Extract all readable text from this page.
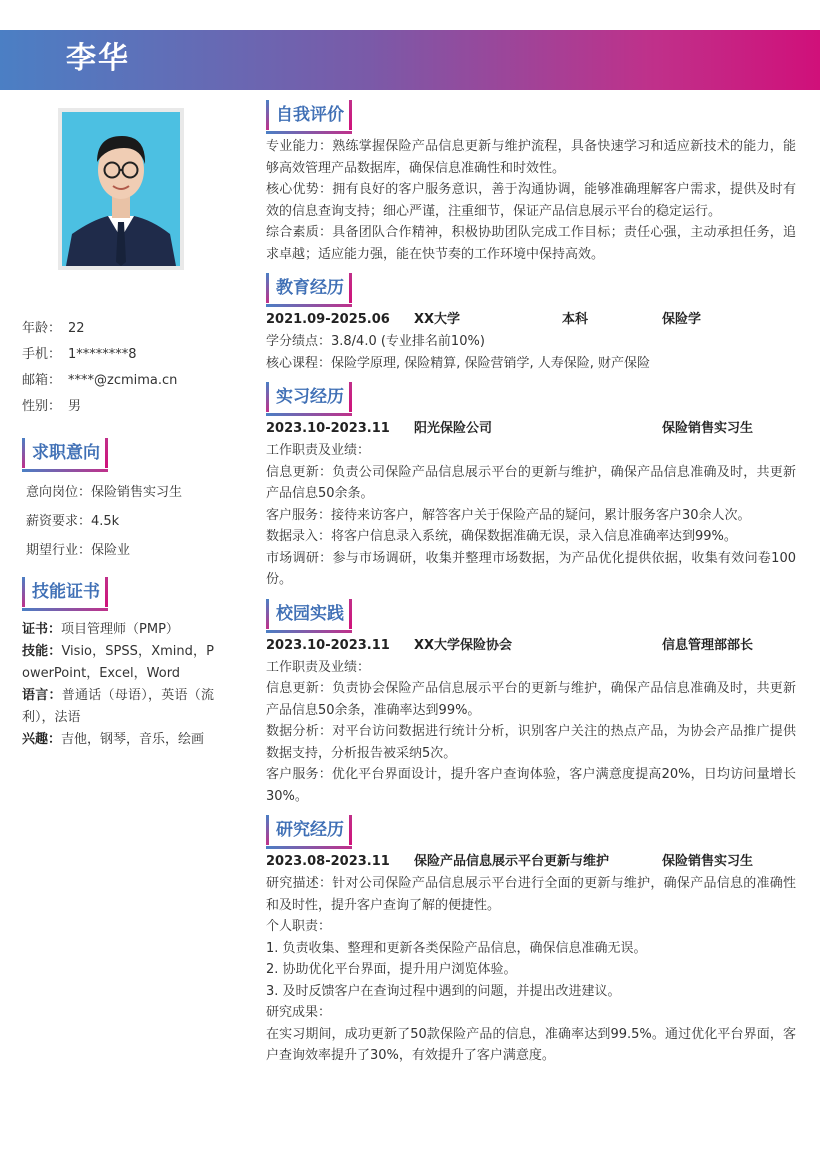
李华
年龄： 22
手机： 1********8
邮箱： ****@zcmima.cn
性别： 男
求职意向
意向岗位：保险销售实习生
薪资要求：4.5k
期望行业：保险业
技能证书

证书：项目管理师（PMP）

技能：Visio，SPSS，Xmind，PowerPoint，Excel，Word

语言：普通话（母语），英语（流利），法语

兴趣：吉他，钢琴，音乐，绘画

自我评价

专业能力：熟练掌握保险产品信息更新与维护流程，具备快速学习和适应新技术的能力，能够高效管理产品数据库，确保信息准确性和时效性。

核心优势：拥有良好的客户服务意识，善于沟通协调，能够准确理解客户需求，提供及时有效的信息查询支持；细心严谨，注重细节，保证产品信息展示平台的稳定运行。

综合素质：具备团队合作精神，积极协助团队完成工作目标；责任心强，主动承担任务，追求卓越；适应能力强，能在快节奏的工作环境中保持高效。

教育经历
2021.09-2025.06 XX大学	本科	保险学

学分绩点：3.8/4.0 (专业排名前10%)

核心课程：保险学原理, 保险精算, 保险营销学, 人寿保险, 财产保险

实习经历
2023.10-2023.11 阳光保险公司	保险销售实习生

工作职责及业绩：

信息更新：负责公司保险产品信息展示平台的更新与维护，确保产品信息准确及时，共更新产品信息50余条。

客户服务：接待来访客户，解答客户关于保险产品的疑问，累计服务客户30余人次。

数据录入：将客户信息录入系统，确保数据准确无误，录入信息准确率达到99%。

市场调研：参与市场调研，收集并整理市场数据，为产品优化提供依据，收集有效问卷100份。

校园实践
2023.10-2023.11 XX大学保险协会	信息管理部部长

工作职责及业绩：

信息更新：负责协会保险产品信息展示平台的更新与维护，确保产品信息准确及时，共更新产品信息50余条，准确率达到99%。

数据分析：对平台访问数据进行统计分析，识别客户关注的热点产品，为协会产品推广提供数据支持，分析报告被采纳5次。

客户服务：优化平台界面设计，提升客户查询体验，客户满意度提高20%，日均访问量增长30%。

研究经历
2023.08-2023.11 保险产品信息展示平台更新与维护	保险销售实习生

研究描述：针对公司保险产品信息展示平台进行全面的更新与维护，确保产品信息的准确性和及时性，提升客户查询了解的便捷性。

个人职责：

1. 负责收集、整理和更新各类保险产品信息，确保信息准确无误。

2. 协助优化平台界面，提升用户浏览体验。

3. 及时反馈客户在查询过程中遇到的问题，并提出改进建议。

研究成果：

在实习期间，成功更新了50款保险产品的信息，准确率达到99.5%。通过优化平台界面，客户查询效率提升了30%，有效提升了客户满意度。
